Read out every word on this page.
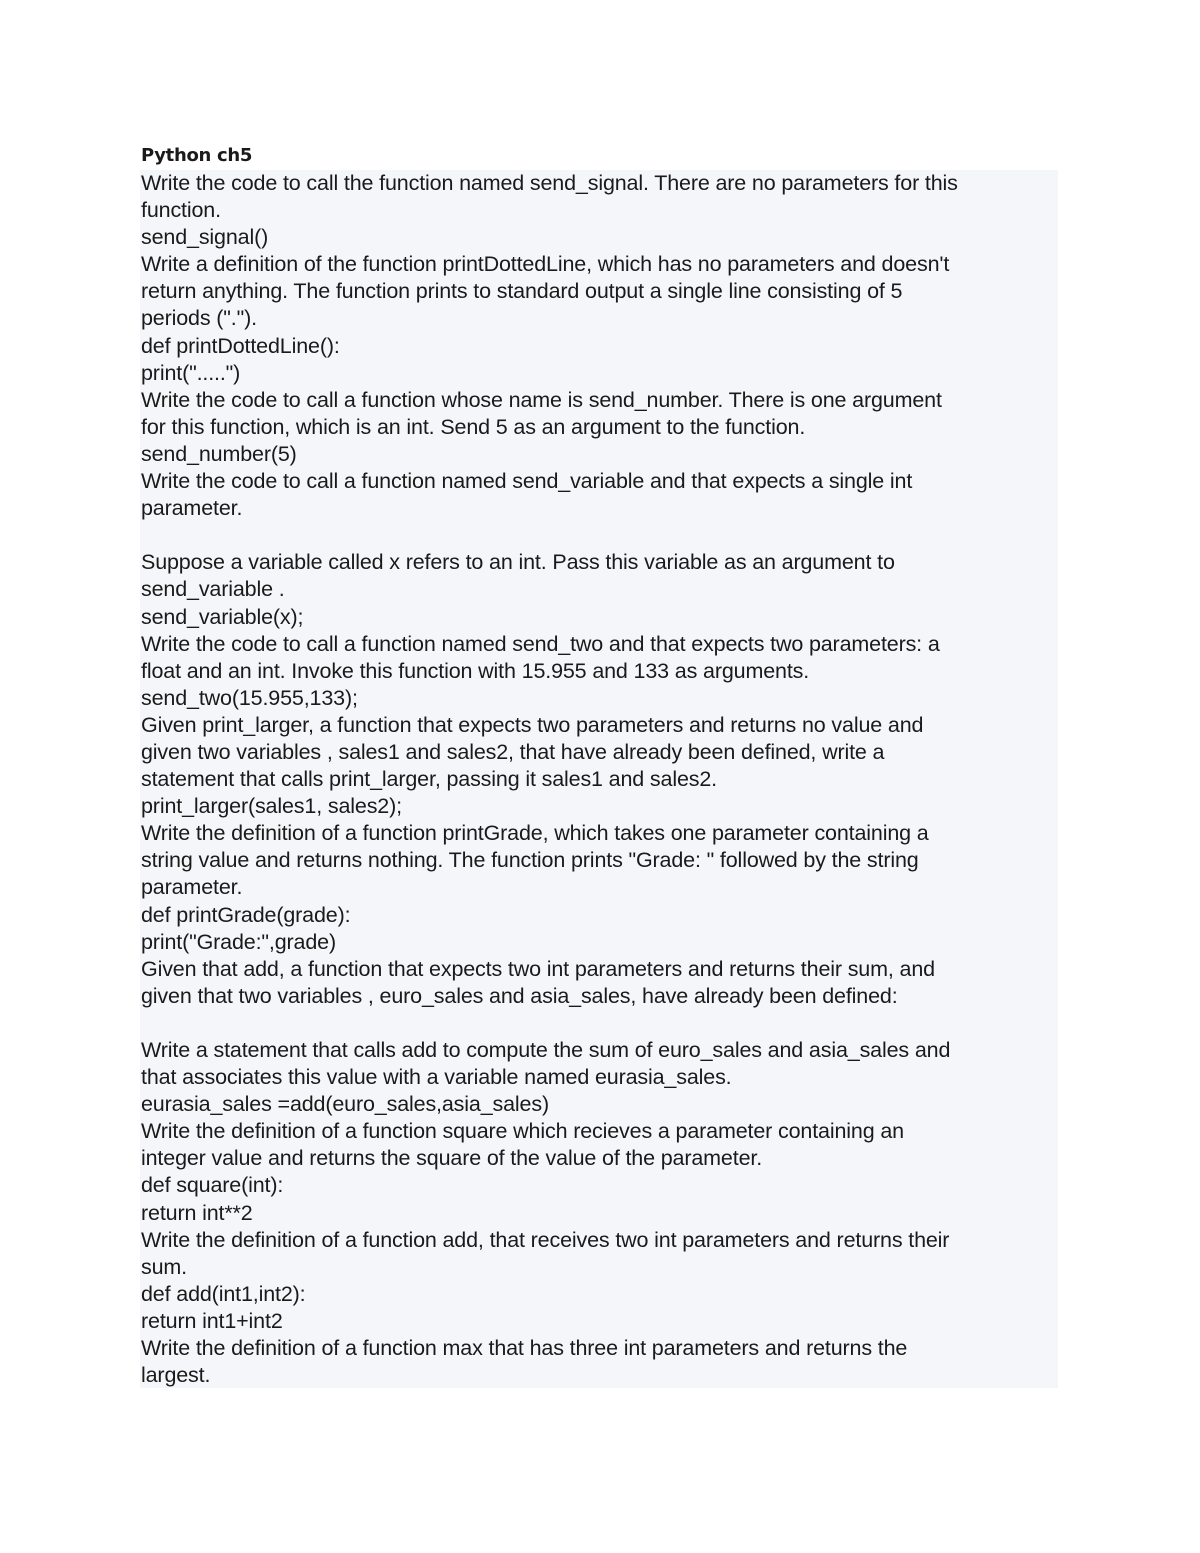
Python ch5
Write the code to call the function named send_signal. There are no parameters for this
function.
send_signal()
Write a definition of the function printDottedLine, which has no parameters and doesn't
return anything. The function prints to standard output a single line consisting of 5
periods (".").
def printDottedLine():
print(".....")
Write the code to call a function whose name is send_number. There is one argument
for this function, which is an int. Send 5 as an argument to the function.
send_number(5)
Write the code to call a function named send_variable and that expects a single int
parameter.
Suppose a variable called x refers to an int. Pass this variable as an argument to
send_variable .
send_variable(x);
Write the code to call a function named send_two and that expects two parameters: a
float and an int. Invoke this function with 15.955 and 133 as arguments.
send_two(15.955,133);
Given print_larger, a function that expects two parameters and returns no value and
given two variables , sales1 and sales2, that have already been defined, write a
statement that calls print_larger, passing it sales1 and sales2.
print_larger(sales1, sales2);
Write the definition of a function printGrade, which takes one parameter containing a
string value and returns nothing. The function prints "Grade: " followed by the string
parameter.
def printGrade(grade):
print("Grade:",grade)
Given that add, a function that expects two int parameters and returns their sum, and
given that two variables , euro_sales and asia_sales, have already been defined:
Write a statement that calls add to compute the sum of euro_sales and asia_sales and
that associates this value with a variable named eurasia_sales.
eurasia_sales =add(euro_sales,asia_sales)
Write the definition of a function square which recieves a parameter containing an
integer value and returns the square of the value of the parameter.
def square(int):
return int**2
Write the definition of a function add, that receives two int parameters and returns their
sum.
def add(int1,int2):
return int1+int2
Write the definition of a function max that has three int parameters and returns the
largest.
